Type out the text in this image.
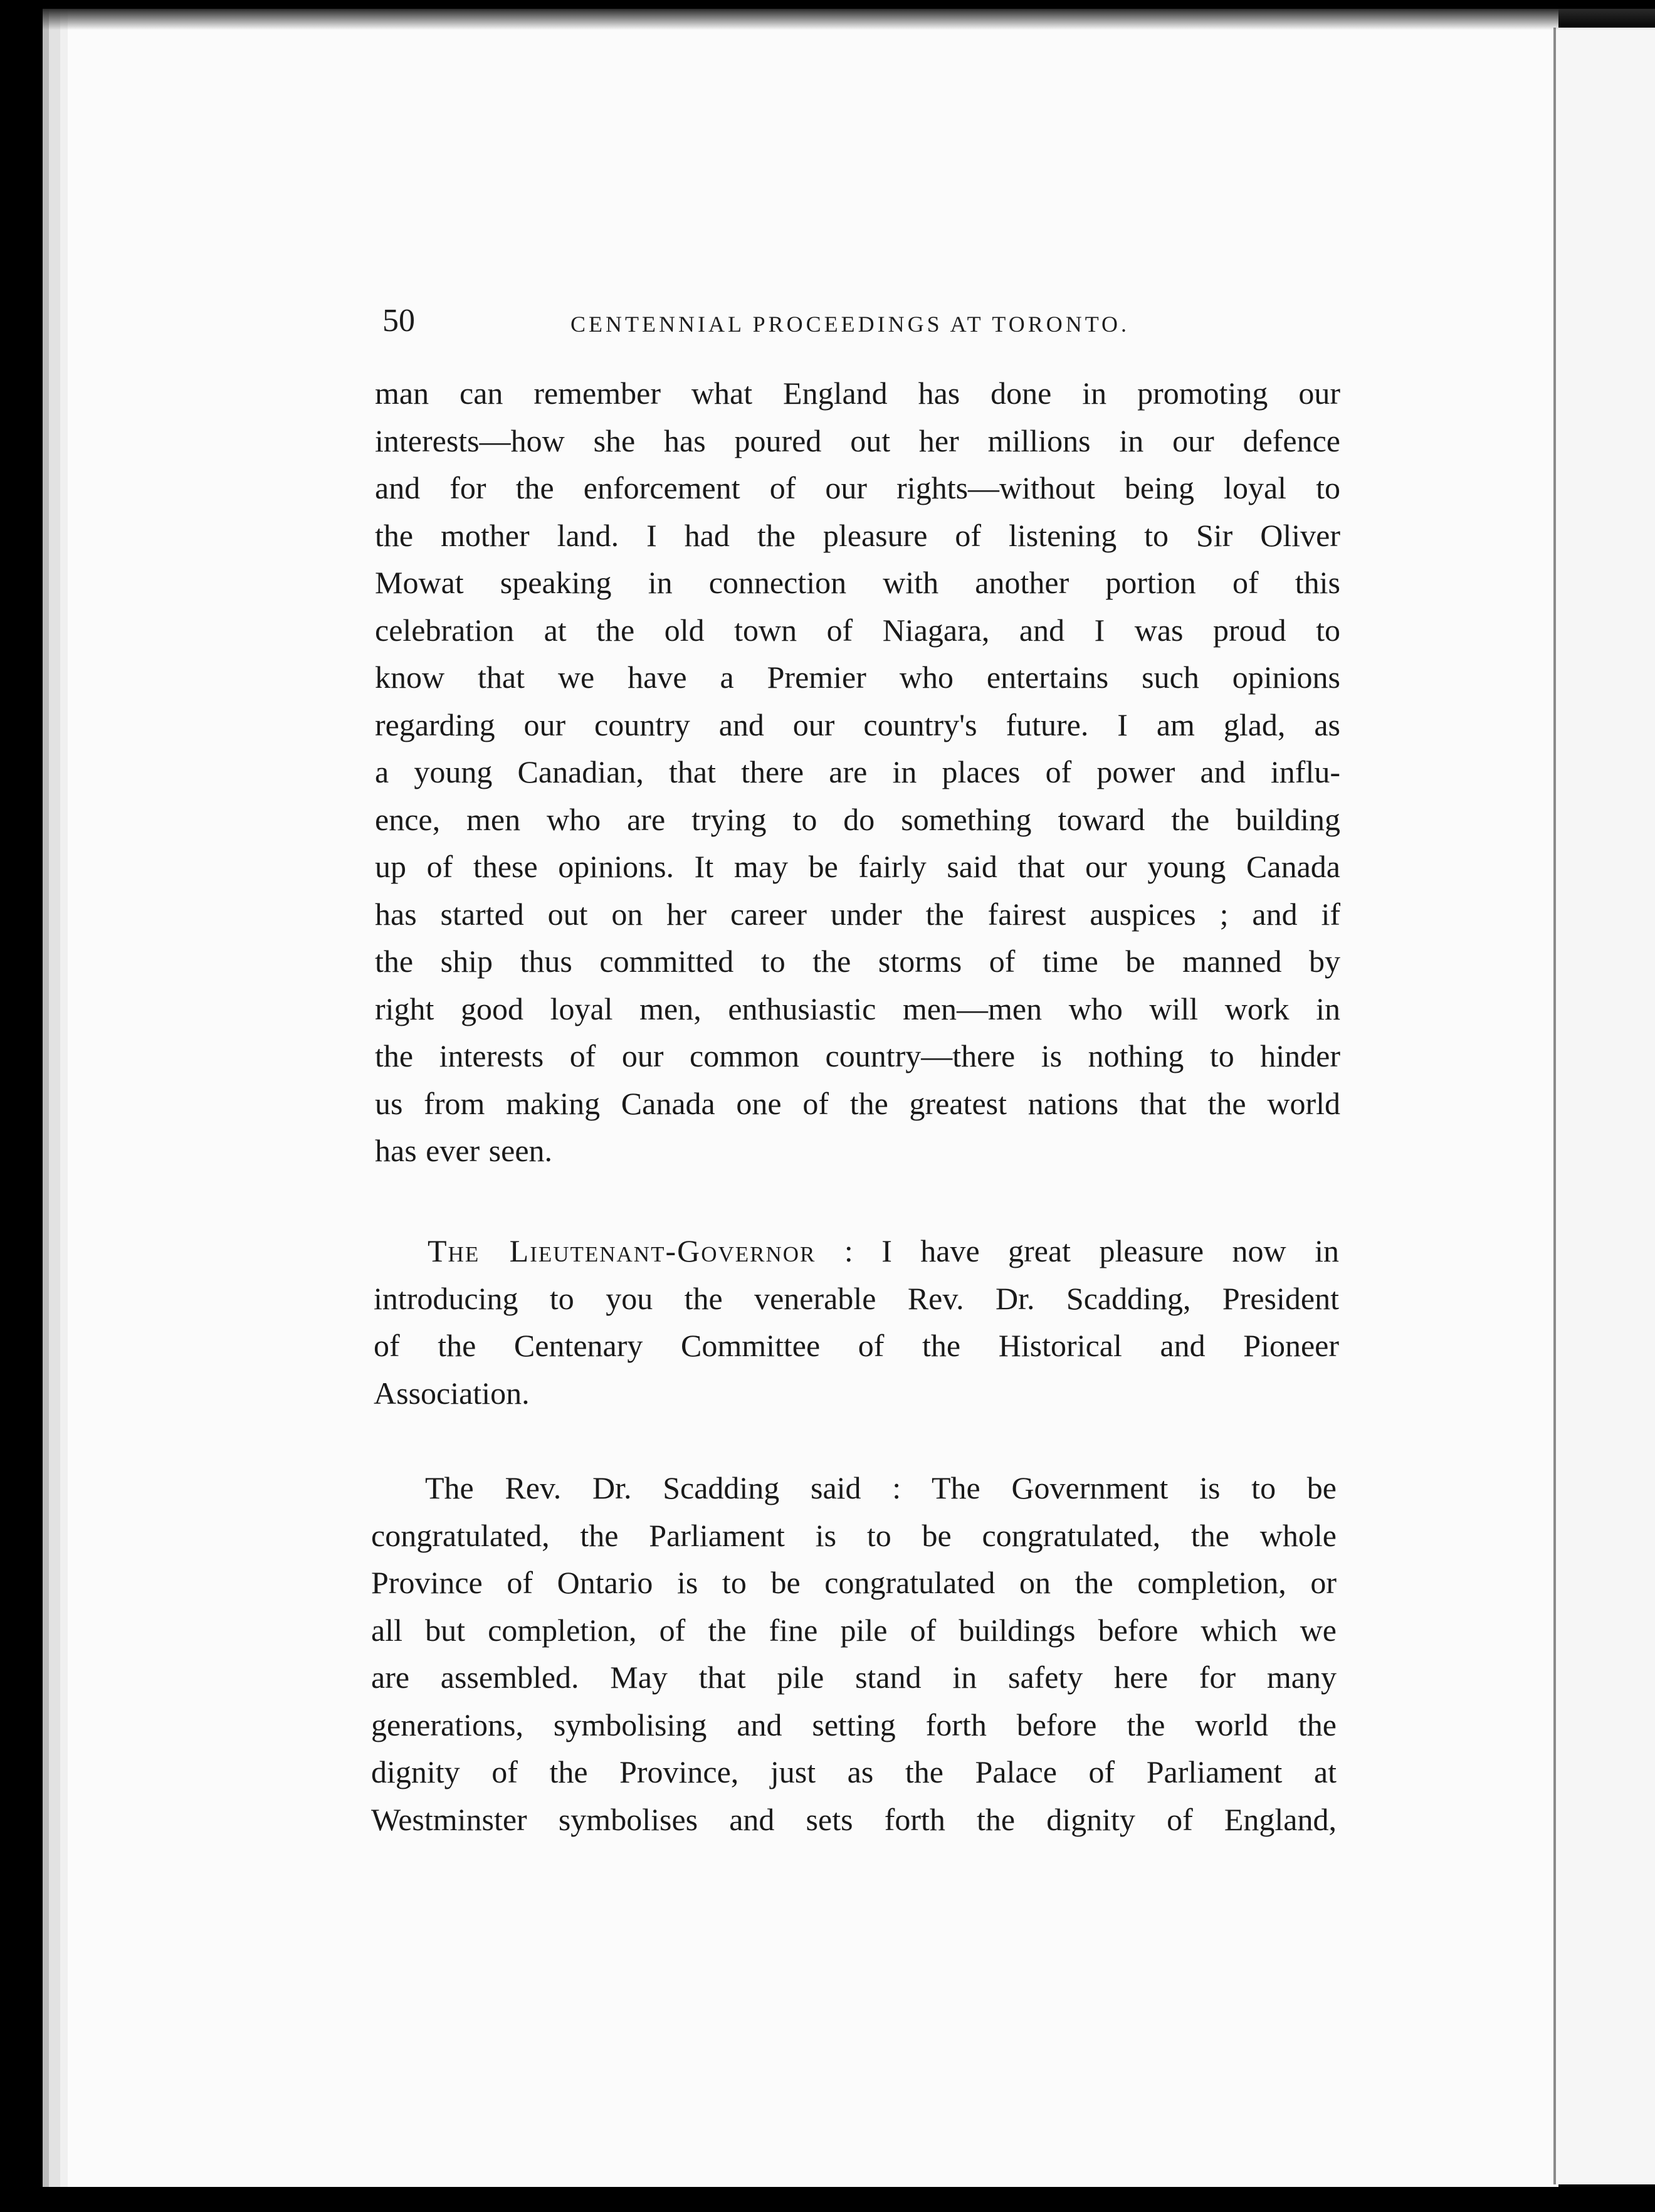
50	CENTENNIAL PROCEEDINGS AT TORONTO.
man can remember what England has done in promoting our
interests—how she has poured out her millions in our defence
and for the enforcement of our rights—without being loyal to
the mother land. I had the pleasure of listening to Sir Oliver
Mowat speaking in connection with another portion of this
celebration at the old town of Niagara, and I was proud to
know that we have a Premier who entertains such opinions
regarding our country and our country's future. I am glad, as
a young Canadian, that there are in places of power and influ-
ence, men who are trying to do something toward the building
up of these opinions. It may be fairly said that our young Canada
has started out on her career under the fairest auspices ; and if
the ship thus committed to the storms of time be manned by
right good loyal men, enthusiastic men—men who will work in
the interests of our common country—there is nothing to hinder
us from making Canada one of the greatest nations that the world
has ever seen.
The Lieutenant-Governor : I have great pleasure now in
introducing to you the venerable Rev. Dr. Scadding, President
of the Centenary Committee of the Historical and Pioneer
Association.
The Rev. Dr. Scadding said : The Government is to be
congratulated, the Parliament is to be congratulated, the whole
Province of Ontario is to be congratulated on the completion, or
all but completion, of the fine pile of buildings before which we
are assembled. May that pile stand in safety here for many
generations, symbolising and setting forth before the world the
dignity of the Province, just as the Palace of Parliament at
Westminster symbolises and sets forth the dignity of England,
